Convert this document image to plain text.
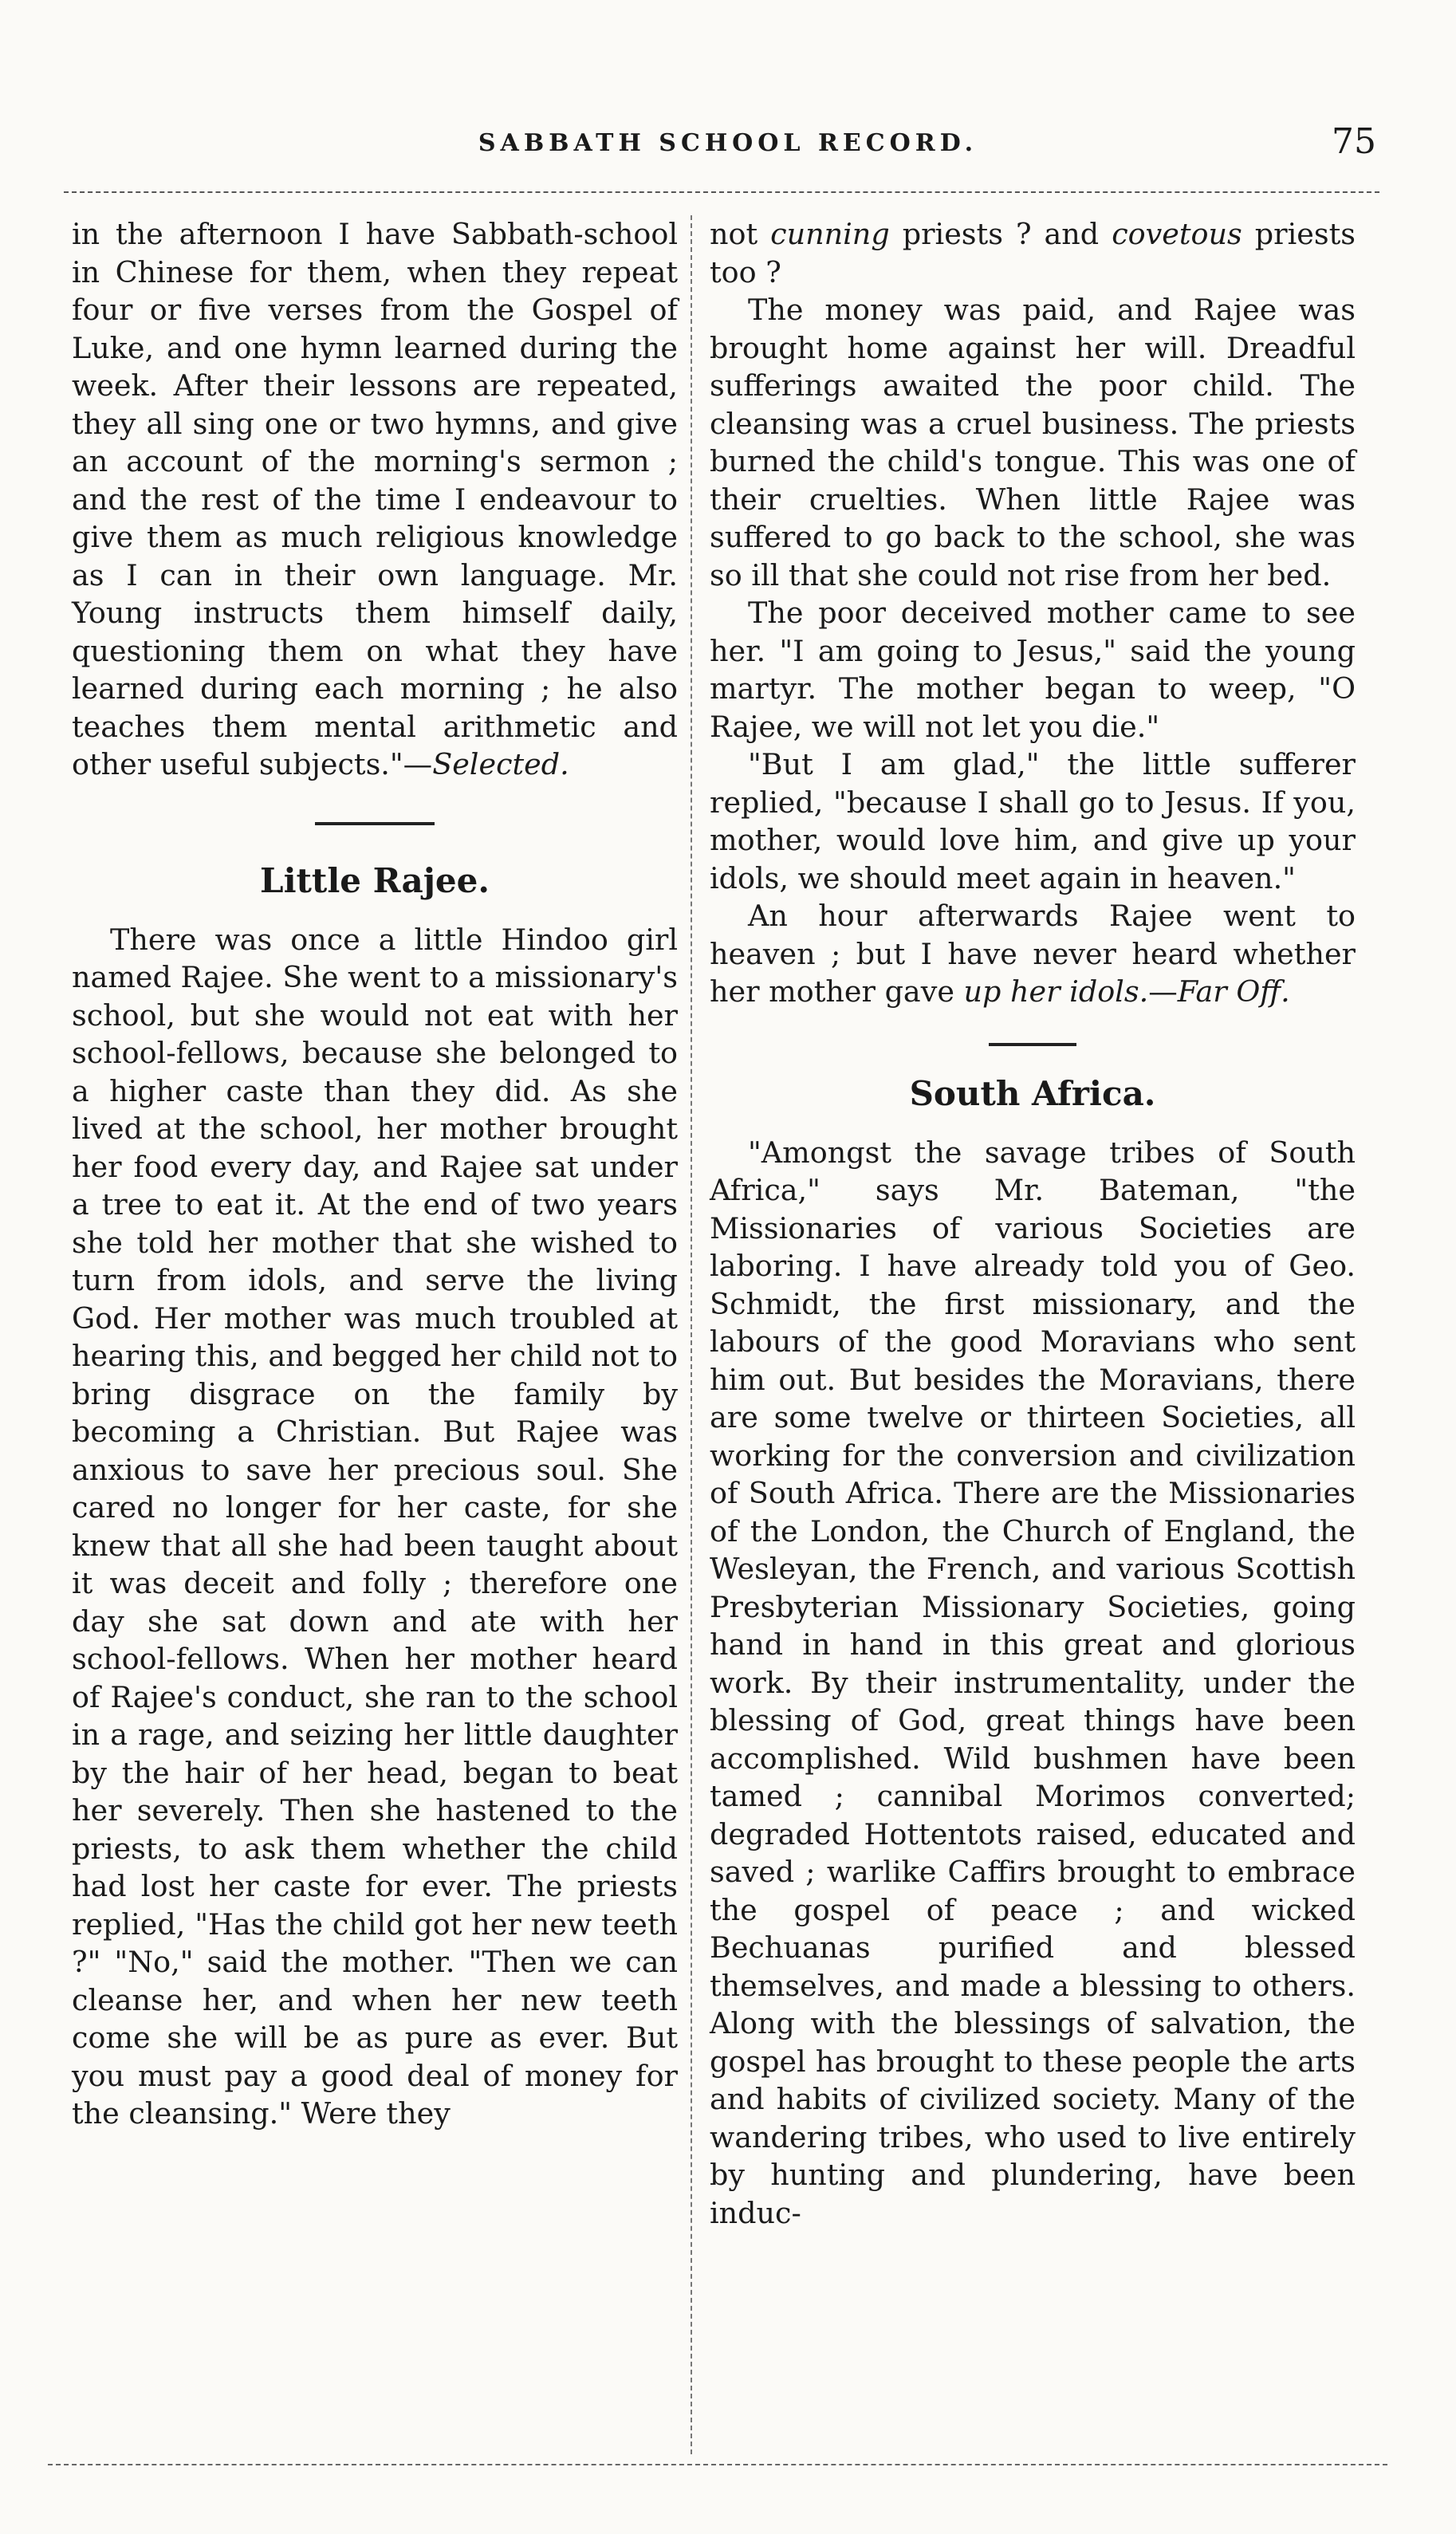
SABBATH SCHOOL RECORD.	75

in the afternoon I have Sabbath-school in Chinese for them, when they repeat four or five verses from the Gospel of Luke, and one hymn learned during the week. After their lessons are repeated, they all sing one or two hymns, and give an account of the morning's sermon ; and the rest of the time I endeavour to give them as much religious knowledge as I can in their own language. Mr. Young instructs them himself daily, questioning them on what they have learned during each morning ; he also teaches them mental arithmetic and other useful subjects."—Selected.

Little Rajee.

There was once a little Hindoo girl named Rajee. She went to a missionary's school, but she would not eat with her school-fellows, because she belonged to a higher caste than they did. As she lived at the school, her mother brought her food every day, and Rajee sat under a tree to eat it. At the end of two years she told her mother that she wished to turn from idols, and serve the living God. Her mother was much troubled at hearing this, and begged her child not to bring disgrace on the family by becoming a Christian. But Rajee was anxious to save her precious soul. She cared no longer for her caste, for she knew that all she had been taught about it was deceit and folly ; therefore one day she sat down and ate with her school-fellows. When her mother heard of Rajee's conduct, she ran to the school in a rage, and seizing her little daughter by the hair of her head, began to beat her severely. Then she hastened to the priests, to ask them whether the child had lost her caste for ever. The priests replied, "Has the child got her new teeth ?" "No," said the mother. "Then we can cleanse her, and when her new teeth come she will be as pure as ever. But you must pay a good deal of money for the cleansing." Were they

not cunning priests ? and covetous priests too ?

The money was paid, and Rajee was brought home against her will. Dreadful sufferings awaited the poor child. The cleansing was a cruel business. The priests burned the child's tongue. This was one of their cruelties. When little Rajee was suffered to go back to the school, she was so ill that she could not rise from her bed.

The poor deceived mother came to see her. "I am going to Jesus," said the young martyr. The mother began to weep, "O Rajee, we will not let you die."

"But I am glad," the little sufferer replied, "because I shall go to Jesus. If you, mother, would love him, and give up your idols, we should meet again in heaven."

An hour afterwards Rajee went to heaven ; but I have never heard whether her mother gave up her idols.—Far Off.

South Africa.

"Amongst the savage tribes of South Africa," says Mr. Bateman, "the Missionaries of various Societies are laboring. I have already told you of Geo. Schmidt, the first missionary, and the labours of the good Moravians who sent him out. But besides the Moravians, there are some twelve or thirteen Societies, all working for the conversion and civilization of South Africa. There are the Missionaries of the London, the Church of England, the Wesleyan, the French, and various Scottish Presbyterian Missionary Societies, going hand in hand in this great and glorious work. By their instrumentality, under the blessing of God, great things have been accomplished. Wild bushmen have been tamed ; cannibal Morimos converted; degraded Hottentots raised, educated and saved ; warlike Caffirs brought to embrace the gospel of peace ; and wicked Bechuanas purified and blessed themselves, and made a blessing to others. Along with the blessings of salvation, the gospel has brought to these people the arts and habits of civilized society. Many of the wandering tribes, who used to live entirely by hunting and plundering, have been induc-
